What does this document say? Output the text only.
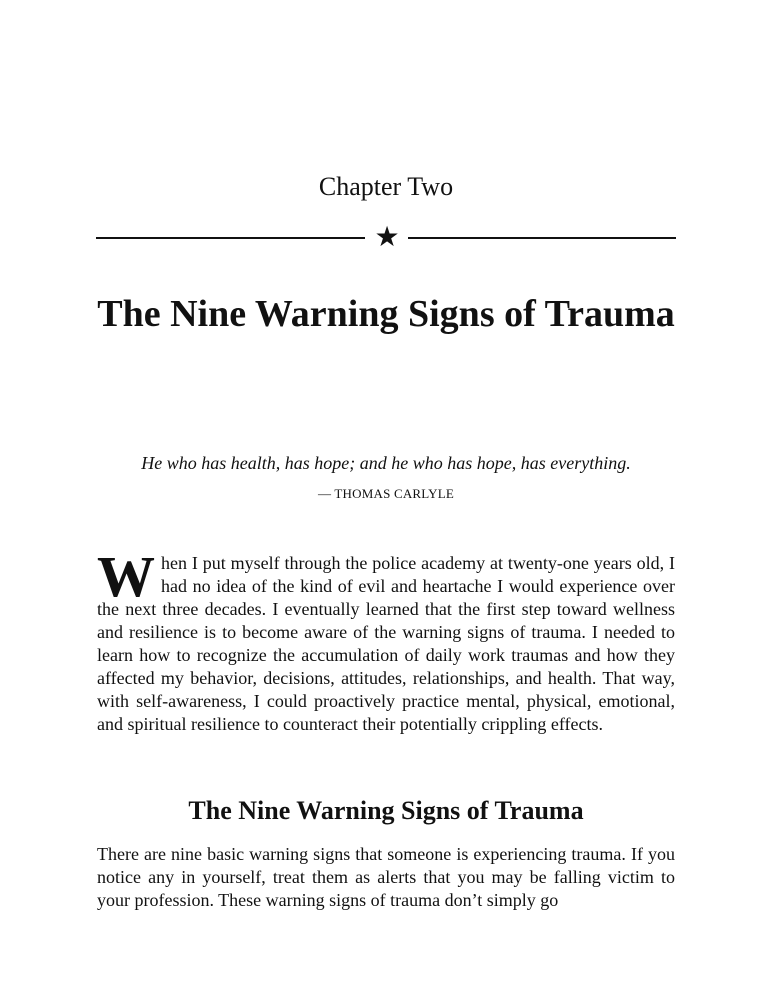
Chapter Two
★
The Nine Warning Signs of Trauma
He who has health, has hope; and he who has hope, has everything.
— THOMAS CARLYLE

When I put myself through the police academy at twenty-one years old, I had no idea of the kind of evil and heartache I would experience over the next three decades. I eventually learned that the first step toward wellness and resilience is to become aware of the warning signs of trauma. I needed to learn how to recognize the accumulation of daily work traumas and how they affected my behavior, decisions, attitudes, relationships, and health. That way, with self-awareness, I could proactively practice mental, physical, emotional, and spiritual resilience to counteract their potentially crippling effects.

The Nine Warning Signs of Trauma

There are nine basic warning signs that someone is experiencing trauma. If you notice any in yourself, treat them as alerts that you may be falling victim to your profession. These warning signs of trauma don’t simply go
